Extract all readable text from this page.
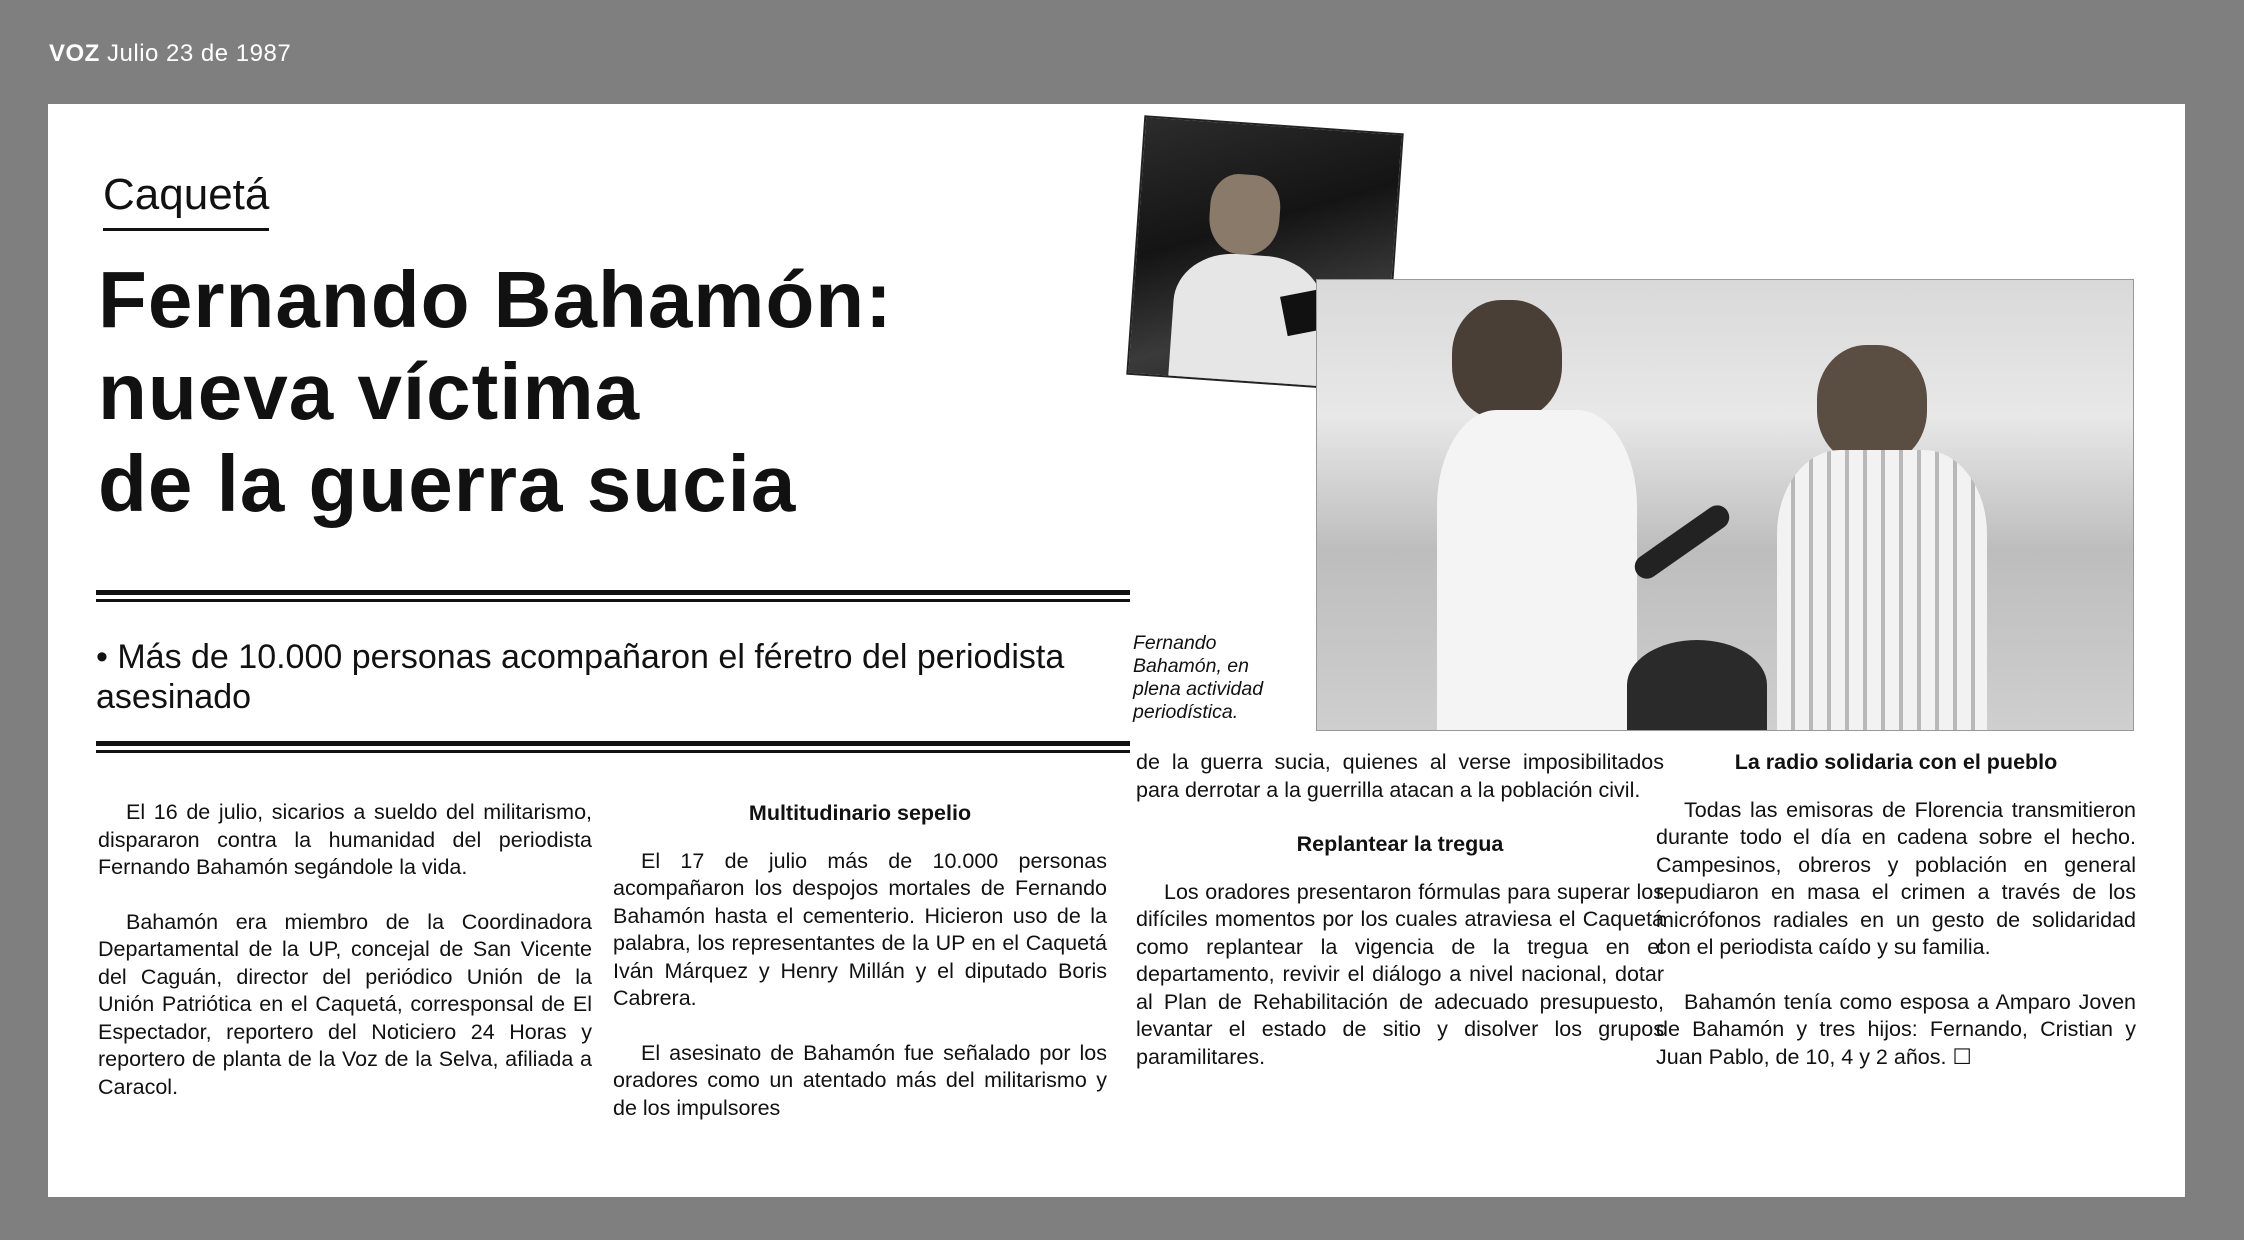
VOZ Julio 23 de 1987
Caquetá
Fernando Bahamón:
nueva víctima
de la guerra sucia
• Más de 10.000 personas acompañaron el féretro del periodista asesinado
Fernando Bahamón, en plena actividad periodística.

El 16 de julio, sicarios a sueldo del militarismo, dispararon contra la humanidad del periodista Fernando Bahamón segándole la vida.

Bahamón era miembro de la Coordinadora Departamental de la UP, concejal de San Vicente del Caguán, director del periódico Unión de la Unión Patriótica en el Caquetá, corresponsal de El Espectador, reportero del Noticiero 24 Horas y reportero de planta de la Voz de la Selva, afiliada a Caracol.

Multitudinario sepelio

El 17 de julio más de 10.000 personas acompañaron los despojos mortales de Fernando Bahamón hasta el cementerio. Hicieron uso de la palabra, los representantes de la UP en el Caquetá Iván Márquez y Henry Millán y el diputado Boris Cabrera.

El asesinato de Bahamón fue señalado por los oradores como un atentado más del militarismo y de los impulsores

de la guerra sucia, quienes al verse imposibilitados para derrotar a la guerrilla atacan a la población civil.

Replantear la tregua

Los oradores presentaron fórmulas para superar los difíciles momentos por los cuales atraviesa el Caquetá como replantear la vigencia de la tregua en el departamento, revivir el diálogo a nivel nacional, dotar al Plan de Rehabilitación de adecuado presupuesto, levantar el estado de sitio y disolver los grupos paramilitares.

La radio solidaria con el pueblo

Todas las emisoras de Florencia transmitieron durante todo el día en cadena sobre el hecho. Campesinos, obreros y población en general repudiaron en masa el crimen a través de los micrófonos radiales en un gesto de solidaridad con el periodista caído y su familia.

Bahamón tenía como esposa a Amparo Joven de Bahamón y tres hijos: Fernando, Cristian y Juan Pablo, de 10, 4 y 2 años. ☐
